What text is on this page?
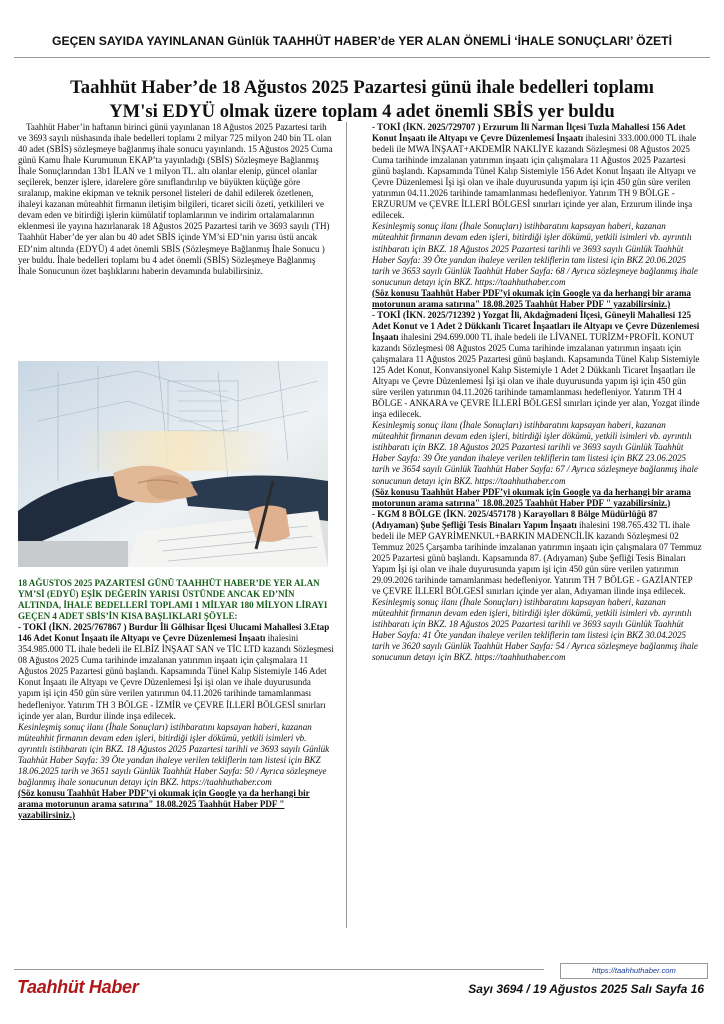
GEÇEN SAYIDA YAYINLANAN Günlük TAAHHÜT HABER’de YER ALAN ÖNEMLİ ‘İHALE SONUÇLARI’ ÖZETİ
Taahhüt Haber’de 18 Ağustos 2025 Pazartesi günü ihale bedelleri toplamı
YM'si EDYÜ olmak üzere toplam 4 adet önemli SBİS yer buldu

Taahhüt Haber’in haftanın birinci günü yayınlanan 18 Ağustos 2025 Pazartesi tarih ve 3693 sayılı nüshasında ihale bedelleri toplamı 2 milyar 725 milyon 240 bin TL olan 40 adet (SBİS) sözleşmeye bağlanmış ihale sonucu yayınlandı. 15 Ağustos 2025 Cuma günü Kamu İhale Kurumunun EKAP’ta yayınladığı (SBİS) Sözleşmeye Bağlanmış İhale Sonuçlarından 13b1 İLAN ve 1 milyon TL. altı olanlar elenip, güncel olanlar seçilerek, benzer işlere, idarelere göre sınıflandırılıp ve büyükten küçüğe göre sıralanıp, makine ekipman ve teknik personel listeleri de dahil edilerek özetlenen, ihaleyi kazanan müteahhit firmanın iletişim bilgileri, ticaret sicili özeti, yetkilileri ve devam eden ve bitirdiği işlerin kümülatif toplamlarının ve indirim ortalamalarının eklenmesi ile yayına hazırlanarak 18 Ağustos 2025 Pazartesi tarih ve 3693 sayılı (TH) Taahhüt Haber’de yer alan bu 40 adet SBİS içinde YM’si ED’nin yarısı üstü ancak ED’nim altında (EDYÜ) 4 adet önemli SBİS (Sözleşmeye Bağlanmış İhale Sonucu ) yer buldu. İhale bedelleri toplamı bu 4 adet önemli (SBİS) Sözleşmeye Bağlanmış İhale Sonucunun özet başlıklarını haberin devamında bulabilirsiniz.

18 AĞUSTOS 2025 PAZARTESİ GÜNÜ TAAHHÜT HABER’DE YER ALAN YM’Sİ (EDYÜ) EŞİK DEĞERİN YARISI ÜSTÜNDE ANCAK ED’NİN ALTINDA, İHALE BEDELLERİ TOPLAMI 1 MİLYAR 180 MİLYON LİRAYI GEÇEN 4 ADET SBİS’İN KISA BAŞLIKLARI ŞÖYLE:

- TOKİ (İKN. 2025/767867 ) Burdur İli Gölhisar İlçesi Ulucami Mahallesi 3.Etap 146 Adet Konut İnşaatı ile Altyapı ve Çevre Düzenlemesi İnşaatı ihalesini 354.985.000 TL ihale bedeli ile ELBİZ İNŞAAT SAN ve TİC LTD kazandı Sözleşmesi 08 Ağustos 2025 Cuma tarihinde imzalanan yatırımın inşaatı için çalışmalara 11 Ağustos 2025 Pazartesi günü başlandı. Kapsamında Tünel Kalıp Sistemiyle 146 Adet Konut İnşaatı ile Altyapı ve Çevre Düzenlemesi İşi işi olan ve ihale duyurusunda yapım işi için 450 gün süre verilen yatırımın 04.11.2026 tarihinde tamamlanması hedefleniyor. Yatırım TH 3 BÖLGE - İZMİR ve ÇEVRE İLLERİ BÖLGESİ sınırları içinde yer alan, Burdur ilinde inşa edilecek.

Kesinleşmiş sonuç ilanı (İhale Sonuçları) istihbaratını kapsayan haberi, kazanan müteahhit firmanın devam eden işleri, bitirdiği işler dökümü, yetkili isimleri vb. ayrıntılı istihbaratı için BKZ. 18 Ağustos 2025 Pazartesi tarihli ve 3693 sayılı Günlük Taahhüt Haber Sayfa: 39 Öte yandan ihaleye verilen tekliflerin tam listesi için BKZ 18.06.2025 tarih ve 3651 sayılı Günlük Taahhüt Haber Sayfa: 50 / Ayrıca sözleşmeye bağlanmış ihale sonucunun detayı için BKZ. https://taahhuthaber.com

(Söz konusu Taahhüt Haber PDF’yi okumak için Google ya da herhangi bir arama motorunun arama satırına" 18.08.2025 Taahhüt Haber PDF " yazabilirsiniz.)

- TOKİ (İKN. 2025/729707 ) Erzurum İli Narman İlçesi Tuzla Mahallesi 156 Adet Konut İnşaatı ile Altyapı ve Çevre Düzenlemesi İnşaatı ihalesini 333.000.000 TL ihale bedeli ile MWA İNŞAAT+AKDEMİR NAKLİYE kazandı Sözleşmesi 08 Ağustos 2025 Cuma tarihinde imzalanan yatırımın inşaatı için çalışmalara 11 Ağustos 2025 Pazartesi günü başlandı. Kapsamında Tünel Kalıp Sistemiyle 156 Adet Konut İnşaatı ile Altyapı ve Çevre Düzenlemesi İşi işi olan ve ihale duyurusunda yapım işi için 450 gün süre verilen yatırımın 04.11.2026 tarihinde tamamlanması hedefleniyor. Yatırım TH 9 BÖLGE - ERZURUM ve ÇEVRE İLLERİ BÖLGESİ sınırları içinde yer alan, Erzurum ilinde inşa edilecek.

Kesinleşmiş sonuç ilanı (İhale Sonuçları) istihbaratını kapsayan haberi, kazanan müteahhit firmanın devam eden işleri, bitirdiği işler dökümü, yetkili isimleri vb. ayrıntılı istihbaratı için BKZ. 18 Ağustos 2025 Pazartesi tarihli ve 3693 sayılı Günlük Taahhüt Haber Sayfa: 39 Öte yandan ihaleye verilen tekliflerin tam listesi için BKZ 20.06.2025 tarih ve 3653 sayılı Günlük Taahhüt Haber Sayfa: 68 / Ayrıca sözleşmeye bağlanmış ihale sonucunun detayı için BKZ. https://taahhuthaber.com

(Söz konusu Taahhüt Haber PDF’yi okumak için Google ya da herhangi bir arama motorunun arama satırına" 18.08.2025 Taahhüt Haber PDF " yazabilirsiniz.)

- TOKİ (İKN. 2025/712392 ) Yozgat İli, Akdağmadeni İlçesi, Güneyli Mahallesi 125 Adet Konut ve 1 Adet 2 Dükkanlı Ticaret İnşaatları ile Altyapı ve Çevre Düzenlemesi İnşaatı ihalesini 294.699.000 TL ihale bedeli ile LİVANEL TURİZM+PROFİL KONUT kazandı Sözleşmesi 08 Ağustos 2025 Cuma tarihinde imzalanan yatırımın inşaatı için çalışmalara 11 Ağustos 2025 Pazartesi günü başlandı. Kapsamında Tünel Kalıp Sistemiyle 125 Adet Konut, Konvansiyonel Kalıp Sistemiyle 1 Adet 2 Dükkanlı Ticaret İnşaatları ile Altyapı ve Çevre Düzenlemesi İşi işi olan ve ihale duyurusunda yapım işi için 450 gün süre verilen yatırımın 04.11.2026 tarihinde tamamlanması hedefleniyor. Yatırım TH 4 BÖLGE - ANKARA ve ÇEVRE İLLERİ BÖLGESİ sınırları içinde yer alan, Yozgat ilinde inşa edilecek.

Kesinleşmiş sonuç ilanı (İhale Sonuçları) istihbaratını kapsayan haberi, kazanan müteahhit firmanın devam eden işleri, bitirdiği işler dökümü, yetkili isimleri vb. ayrıntılı istihbaratı için BKZ. 18 Ağustos 2025 Pazartesi tarihli ve 3693 sayılı Günlük Taahhüt Haber Sayfa: 39 Öte yandan ihaleye verilen tekliflerin tam listesi için BKZ 23.06.2025 tarih ve 3654 sayılı Günlük Taahhüt Haber Sayfa: 67 / Ayrıca sözleşmeye bağlanmış ihale sonucunun detayı için BKZ. https://taahhuthaber.com

(Söz konusu Taahhüt Haber PDF’yi okumak için Google ya da herhangi bir arama motorunun arama satırına" 18.08.2025 Taahhüt Haber PDF " yazabilirsiniz.)

- KGM 8 BÖLGE (İKN. 2025/457178 ) Karayolları 8 Bölge Müdürlüğü 87 (Adıyaman) Şube Şefliği Tesis Binaları Yapım İnşaatı ihalesini 198.765.432 TL ihale bedeli ile MEP GAYRİMENKUL+BARKIN MADENCİLİK kazandı Sözleşmesi 02 Temmuz 2025 Çarşamba tarihinde imzalanan yatırımın inşaatı için çalışmalara 07 Temmuz 2025 Pazartesi günü başlandı. Kapsamında 87. (Adıyaman) Şube Şefliği Tesis Binaları Yapım İşi işi olan ve ihale duyurusunda yapım işi için 450 gün süre verilen yatırımın 29.09.2026 tarihinde tamamlanması hedefleniyor. Yatırım TH 7 BÖLGE - GAZİANTEP ve ÇEVRE İLLERİ BÖLGESİ sınırları içinde yer alan, Adıyaman ilinde inşa edilecek.

Kesinleşmiş sonuç ilanı (İhale Sonuçları) istihbaratını kapsayan haberi, kazanan müteahhit firmanın devam eden işleri, bitirdiği işler dökümü, yetkili isimleri vb. ayrıntılı istihbaratı için BKZ. 18 Ağustos 2025 Pazartesi tarihli ve 3693 sayılı Günlük Taahhüt Haber Sayfa: 41 Öte yandan ihaleye verilen tekliflerin tam listesi için BKZ 30.04.2025 tarih ve 3620 sayılı Günlük Taahhüt Haber Sayfa: 54 / Ayrıca sözleşmeye bağlanmış ihale sonucunun detayı için BKZ. https://taahhuthaber.com

https://taahhuthaber.com
Taahhüt Haber	Sayı 3694 / 19 Ağustos 2025 Salı Sayfa 16
